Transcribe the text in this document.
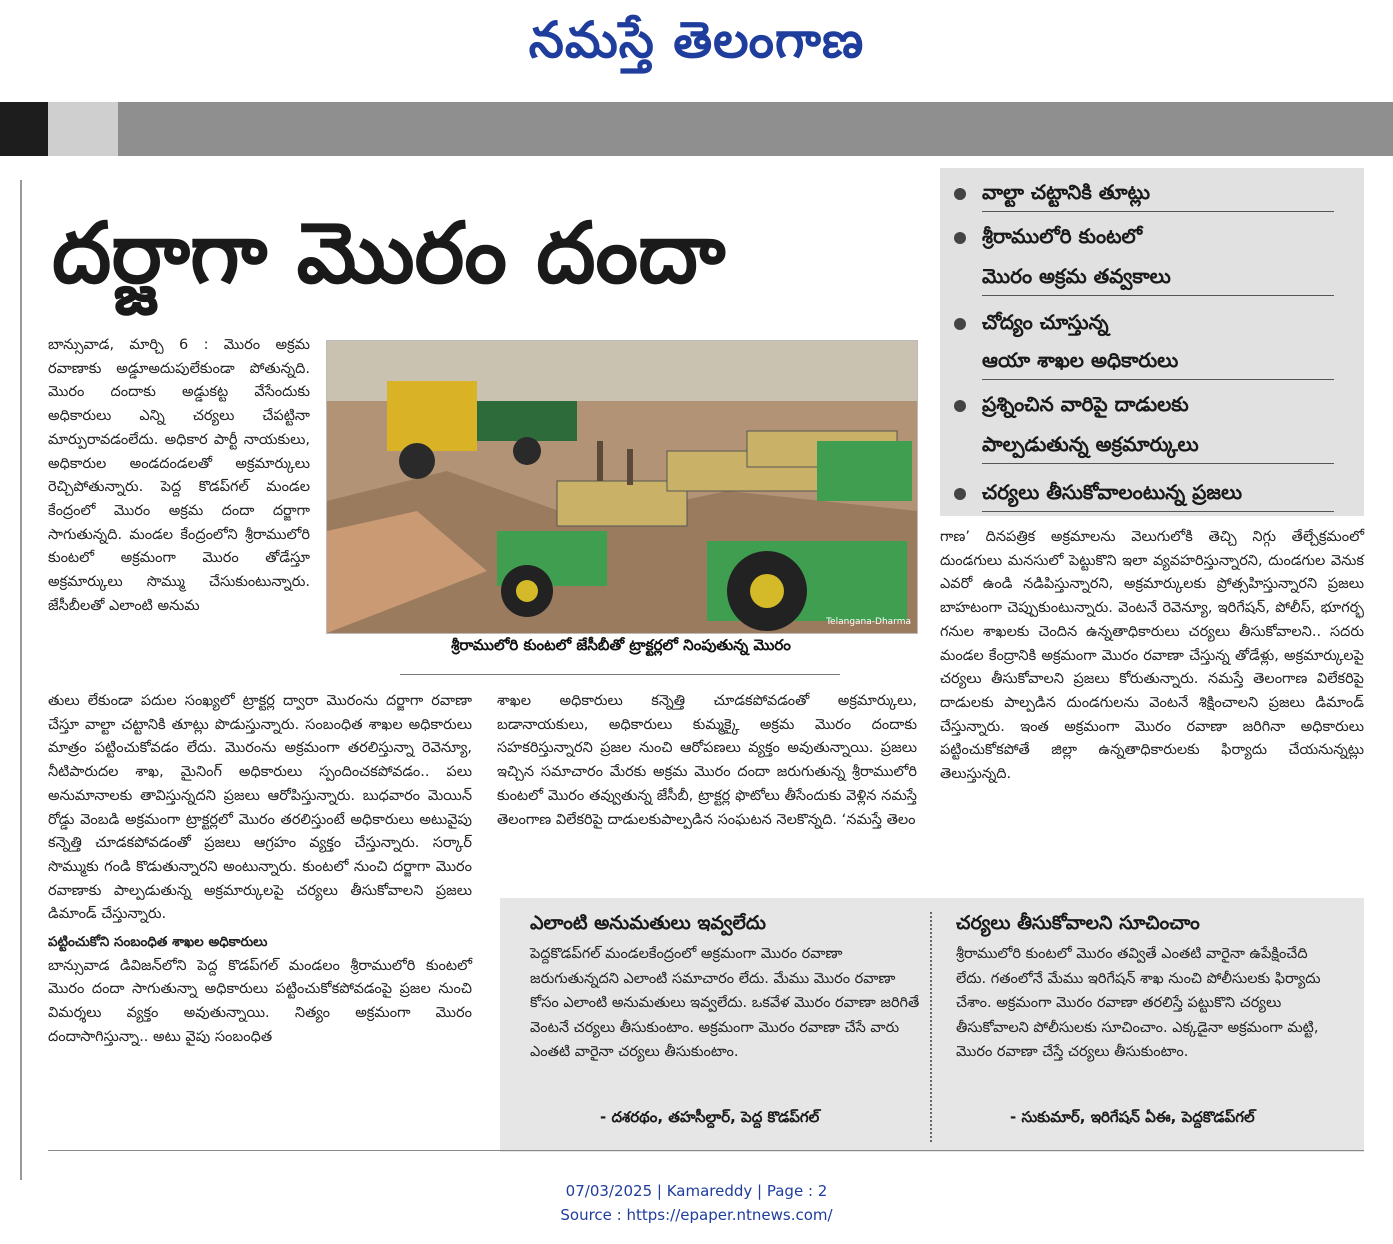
నమస్తే తెలంగాణ
దర్జాగా మొరం దందా
వాల్టా చట్టానికి తూట్లు
శ్రీరాములోరి కుంటలో
మొరం అక్రమ తవ్వకాలు
చోద్యం చూస్తున్న
ఆయా శాఖల అధికారులు
ప్రశ్నించిన వారిపై దాడులకు
పాల్పడుతున్న అక్రమార్కులు
చర్యలు తీసుకోవాలంటున్న ప్రజలు
బాన్సువాడ, మార్చి 6 : మొరం అక్రమ రవాణాకు అడ్డూఅదుపులేకుండా పోతున్నది. మొరం దందాకు అడ్డుకట్ట వేసేందుకు అధికారులు ఎన్ని చర్యలు చేపట్టినా మార్పురావడంలేదు. అధికార పార్టీ నాయకులు, అధికారుల అండదండలతో అక్రమార్కులు రెచ్చిపోతున్నారు. పెద్ద కొడప్‌గల్ మండల కేంద్రంలో మొరం అక్రమ దందా దర్జాగా సాగుతున్నది. మండల కేంద్రంలోని శ్రీరాములోరి కుంటలో అక్రమంగా మొరం తోడేస్తూ అక్రమార్కులు సొమ్ము చేసుకుంటున్నారు. జేసీబీలతో ఎలాంటి అనుమ
Telangana-Dharma
శ్రీరాములోరి కుంటలో జేసీబీతో ట్రాక్టర్లలో నింపుతున్న మొరం
తులు లేకుండా పదుల సంఖ్యలో ట్రాక్టర్ల ద్వారా మొరంను దర్జాగా రవాణా చేస్తూ వాల్టా చట్టానికి తూట్లు పొడుస్తున్నారు. సంబంధిత శాఖల అధికారులు మాత్రం పట్టించుకోవడం లేదు. మొరంను అక్రమంగా తరలిస్తున్నా రెవెన్యూ, నీటిపారుదల శాఖ, మైనింగ్ అధికారులు స్పందించకపోవడం.. పలు అనుమానాలకు తావిస్తున్నదని ప్రజలు ఆరోపిస్తున్నారు. బుధవారం మెయిన్ రోడ్డు వెంబడి అక్రమంగా ట్రాక్టర్లలో మొరం తరలిస్తుంటే అధికారులు అటువైపు కన్నెత్తి చూడకపోవడంతో ప్రజలు ఆగ్రహం వ్యక్తం చేస్తున్నారు. సర్కార్ సొమ్ముకు గండి కొడుతున్నారని అంటున్నారు. కుంటలో నుంచి దర్జాగా మొరం రవాణాకు పాల్పడుతున్న అక్రమార్కులపై చర్యలు తీసుకోవాలని ప్రజలు డిమాండ్ చేస్తున్నారు.
పట్టించుకోని సంబంధిత శాఖల అధికారులు
బాన్సువాడ డివిజన్‌లోని పెద్ద కొడప్‌గల్ మండలం శ్రీరాములోరి కుంటలో మొరం దందా సాగుతున్నా అధికారులు పట్టించుకోకపోవడంపై ప్రజల నుంచి విమర్శలు వ్యక్తం అవుతున్నాయి. నిత్యం అక్రమంగా మొరం దందాసాగిస్తున్నా.. అటు వైపు సంబంధిత
శాఖల అధికారులు కన్నెత్తి చూడకపోవడంతో అక్రమార్కులు, బడానాయకులు, అధికారులు కుమ్మక్కై అక్రమ మొరం దందాకు సహకరిస్తున్నారని ప్రజల నుంచి ఆరోపణలు వ్యక్తం అవుతున్నాయి. ప్రజలు ఇచ్చిన సమాచారం మేరకు అక్రమ మొరం దందా జరుగుతున్న శ్రీరాములోరి కుంటలో మొరం తవ్వుతున్న జేసీబీ, ట్రాక్టర్ల ఫొటోలు తీసేందుకు వెళ్లిన నమస్తే తెలంగాణ విలేకరిపై దాడులకుపాల్పడిన సంఘటన నెలకొన్నది. ‘నమస్తే తెలం
గాణ’ దినపత్రిక అక్రమాలను వెలుగులోకి తెచ్చి నిగ్గు తేల్చేక్రమంలో దుండగులు మనసులో పెట్టుకొని ఇలా వ్యవహరిస్తున్నారని, దుండగుల వెనుక ఎవరో ఉండి నడిపిస్తున్నారని, అక్రమార్కులకు ప్రోత్సహిస్తున్నారని ప్రజలు బాహటంగా చెప్పుకుంటున్నారు. వెంటనే రెవెన్యూ, ఇరిగేషన్, పోలీస్, భూగర్భ గనుల శాఖలకు చెందిన ఉన్నతాధికారులు చర్యలు తీసుకోవాలని.. సదరు మండల కేంద్రానికి అక్రమంగా మొరం రవాణా చేస్తున్న తోడేళ్లు, అక్రమార్కులపై చర్యలు తీసుకోవాలని ప్రజలు కోరుతున్నారు. నమస్తే తెలంగాణ విలేకరిపై దాడులకు పాల్పడిన దుండగులను వెంటనే శిక్షించాలని ప్రజలు డిమాండ్ చేస్తున్నారు. ఇంత అక్రమంగా మొరం రవాణా జరిగినా అధికారులు పట్టించుకోకపోతే జిల్లా ఉన్నతాధికారులకు ఫిర్యాదు చేయనున్నట్లు తెలుస్తున్నది.
ఎలాంటి అనుమతులు ఇవ్వలేదు
పెద్దకొడప్‌గల్ మండలకేంద్రంలో అక్రమంగా మొరం రవాణా జరుగుతున్నదని ఎలాంటి సమాచారం లేదు. మేము మొరం రవాణా కోసం ఎలాంటి అనుమతులు ఇవ్వలేదు. ఒకవేళ మొరం రవాణా జరిగితే వెంటనే చర్యలు తీసుకుంటాం. అక్రమంగా మొరం రవాణా చేసే వారు ఎంతటి వారైనా చర్యలు తీసుకుంటాం.
- దశరథం, తహసీల్దార్, పెద్ద కొడప్‌గల్
చర్యలు తీసుకోవాలని సూచించాం
శ్రీరాములోరి కుంటలో మొరం తవ్వితే ఎంతటి వారైనా ఉపేక్షించేది లేదు. గతంలోనే మేము ఇరిగేషన్ శాఖ నుంచి పోలీసులకు ఫిర్యాదు చేశాం. అక్రమంగా మొరం రవాణా తరలిస్తే పట్టుకొని చర్యలు తీసుకోవాలని పోలీసులకు సూచించాం. ఎక్కడైనా అక్రమంగా మట్టి, మొరం రవాణా చేస్తే చర్యలు తీసుకుంటాం.
- సుకుమార్, ఇరిగేషన్ ఏఈ, పెద్దకొడప్‌గల్
07/03/2025 | Kamareddy | Page : 2
Source : https://epaper.ntnews.com/
